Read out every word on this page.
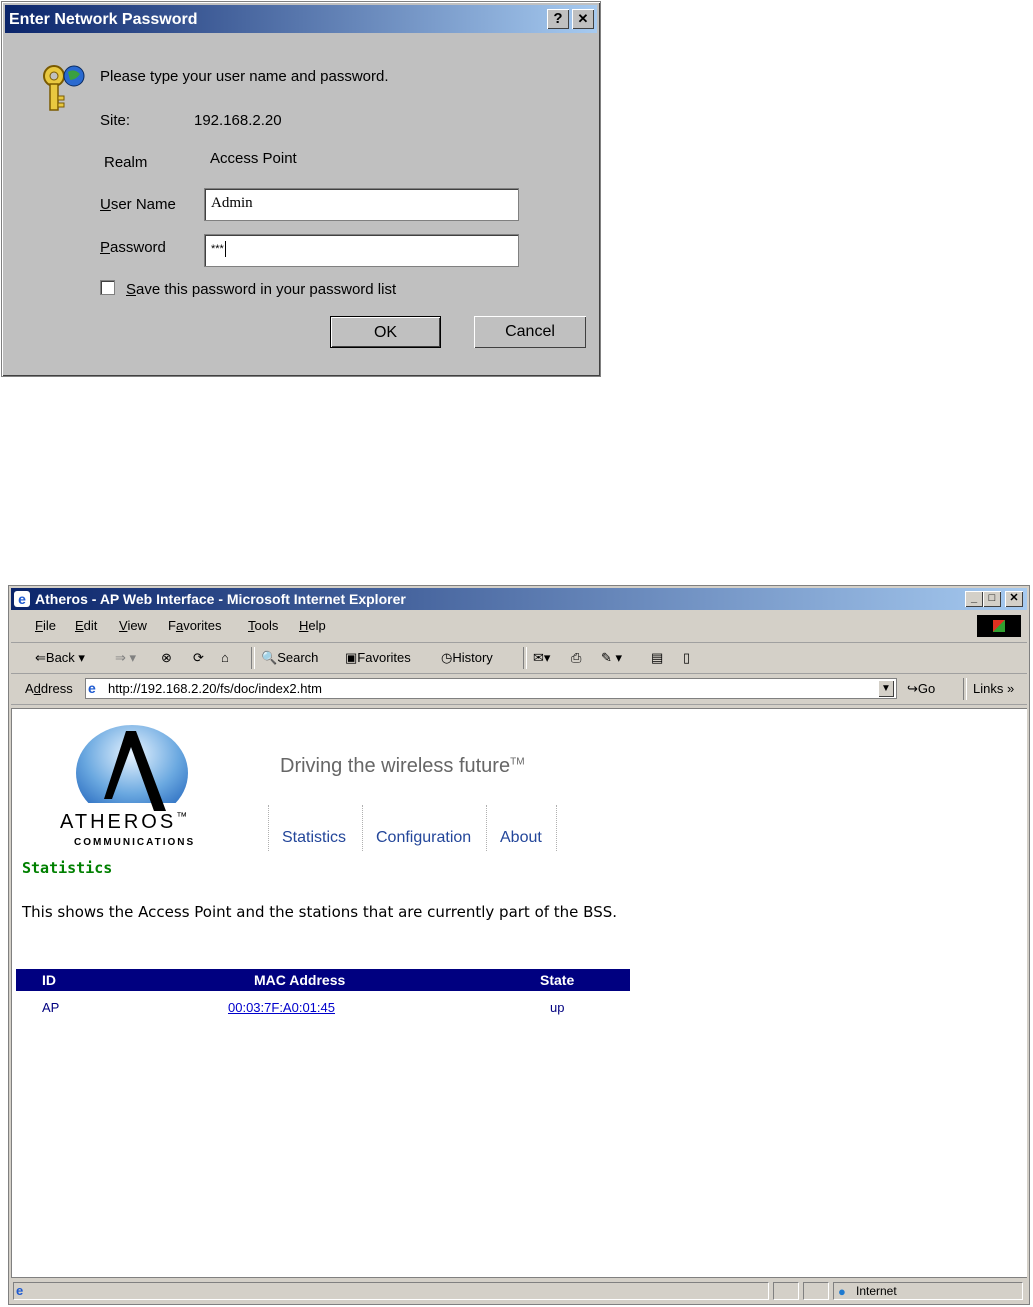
Enter Network Password	?	✕
Please type your user name and password.
Site:	192.168.2.20
Realm	Access Point
User Name	Admin
Password	***
Save this password in your password list
OK	Cancel
e Atheros - AP Web Interface - Microsoft Internet Explorer	_	□	✕
File Edit View Favorites Tools Help
⇐Back ▾ ⇒ ▾ ⊗ ⟳ ⌂ 🔍Search ▣Favorites ◷History	✉▾ ⎙ ✎ ▾ ▤ ▯
Address e http://192.168.2.20/fs/doc/index2.htm	▼ ↪Go	Links »
ATHEROS™
COMMUNICATIONS
Driving the wireless future™
Statistics Configuration About
Statistics
This shows the Access Point and the stations that are currently part of the BSS.
ID	MAC Address	State
AP	00:03:7F:A0:01:45	up
e	● Internet
